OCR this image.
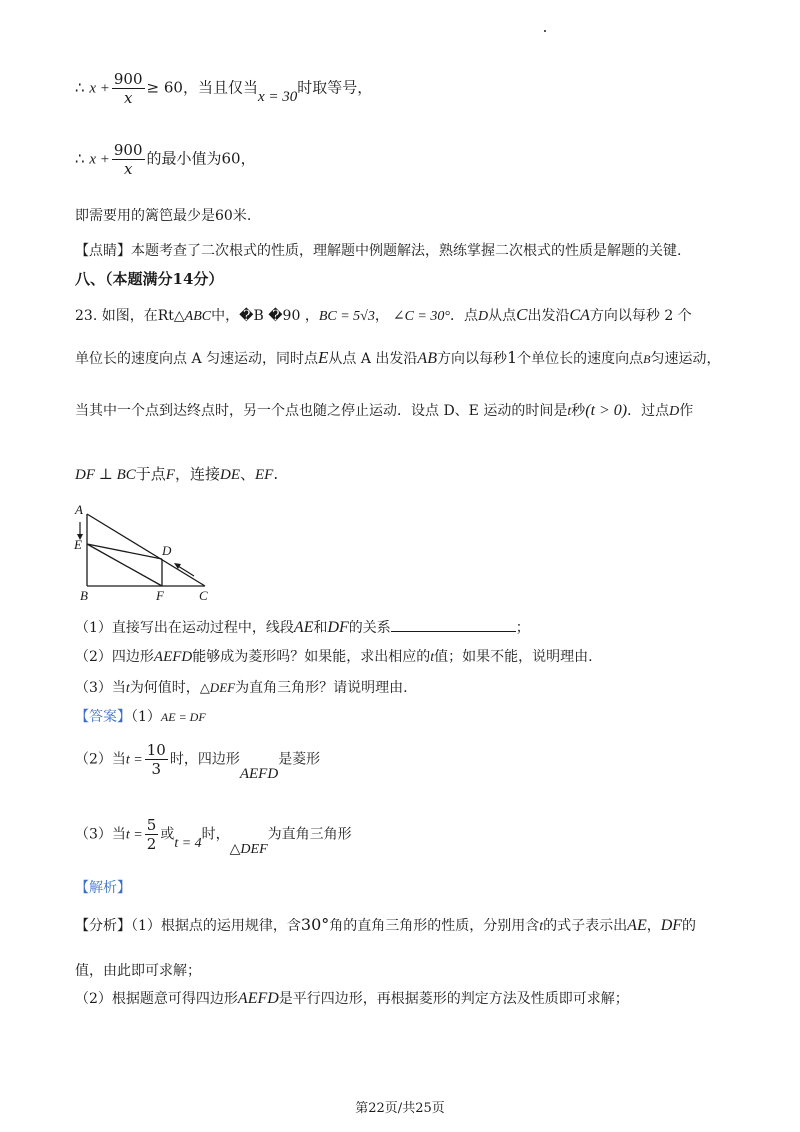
∴ $x + \frac{900}{x} \ge 60$，当且仅当x = 30时取等号，
∴ $x + \frac{900}{x}$ 的最小值为60，
即需要用的篱笆最少是60米.
【点睛】本题考查了二次根式的性质，理解题中例题解法，熟练掌握二次根式的性质是解题的关键.
八、（本题满分14分）
23. 如图，在Rt△ABC中，�B �90 ，BC = 5√3， ∠C = 30°．点D从点C出发沿CA方向以每秒 2 个
单位长的速度向点 A 匀速运动，同时点E从点 A 出发沿AB方向以每秒1个单位长的速度向点B匀速运动，
当其中一个点到达终点时，另一个点也随之停止运动．设点 D、E 运动的时间是t秒(t > 0)．过点D作
DF ⊥ BC于点F，连接DE、EF.
A
E	D
B	F	C
（1）直接写出在运动过程中，线段AE和DF的关系	；
（2）四边形AEFD能够成为菱形吗？如果能，求出相应的t值；如果不能，说明理由.
（3）当t为何值时，△DEF为直角三角形？请说明理由.
【答案】（1）AE = DF
（2）当$t = \frac{10}{3}$ 时，四边形AEFD是菱形
（3）当$t = \frac{5}{2}$ 或t = 4时，△DEF为直角三角形
【解析】
【分析】（1）根据点的运用规律，含30°角的直角三角形的性质，分别用含t的式子表示出AE，DF的
值，由此即可求解；
（2）根据题意可得四边形AEFD是平行四边形，再根据菱形的判定方法及性质即可求解；
第22页/共25页
